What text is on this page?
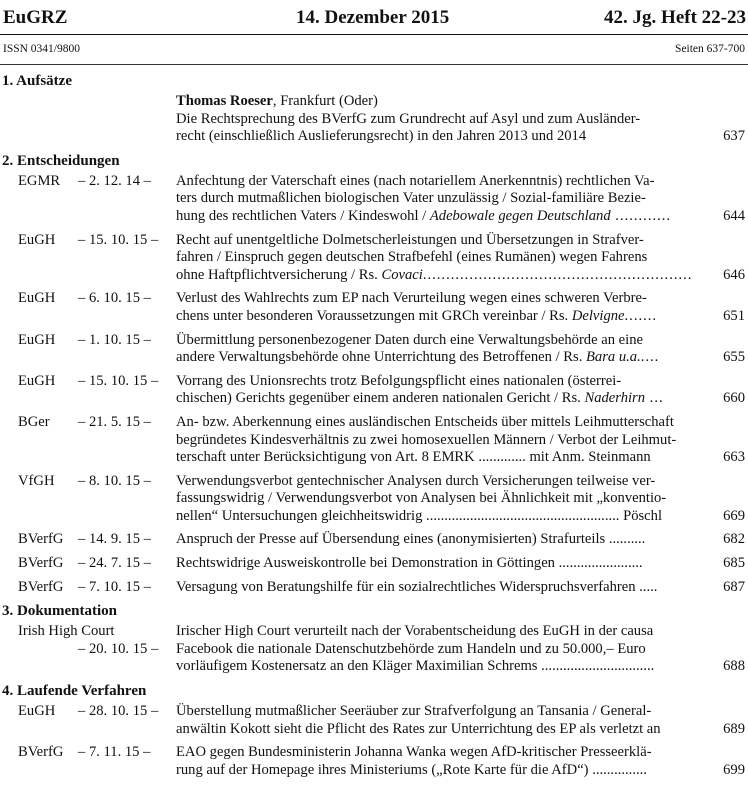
EuGRZ	14. Dezember 2015	42. Jg. Heft 22-23
ISSN 0341/9800	Seiten 637-700
1. Aufsätze
Thomas Roeser, Frankfurt (Oder)
Die Rechtsprechung des BVerfG zum Grundrecht auf Asyl und zum Ausländer-
recht (einschließlich Auslieferungsrecht) in den Jahren 2013 und 2014	637
2. Entscheidungen
EGMR – 2. 12. 14 –	Anfechtung der Vaterschaft eines (nach notariellem Anerkenntnis) rechtlichen Va-
ters durch mutmaßlichen biologischen Vater unzulässig / Sozial-familiäre Bezie-
hung des rechtlichen Vaters / Kindeswohl / Adebowale gegen Deutschland ............	644
EuGH – 15. 10. 15 –	Recht auf unentgeltliche Dolmetscherleistungen und Übersetzungen in Strafver-
fahren / Einspruch gegen deutschen Strafbefehl (eines Rumänen) wegen Fahrens
ohne Haftpflichtversicherung / Rs. Covaci.......................................................... 646
EuGH – 6. 10. 15 –	Verlust des Wahlrechts zum EP nach Verurteilung wegen eines schweren Verbre-
chens unter besonderen Voraussetzungen mit GRCh vereinbar / Rs. Delvigne.......	651
EuGH – 1. 10. 15 –	Übermittlung personenbezogener Daten durch eine Verwaltungsbehörde an eine
andere Verwaltungsbehörde ohne Unterrichtung des Betroffenen / Rs. Bara u.a.....	655
EuGH – 15. 10. 15 –	Vorrang des Unionsrechts trotz Befolgungspflicht eines nationalen (österrei-
chischen) Gerichts gegenüber einem anderen nationalen Gericht / Rs. Naderhirn ...	660
BGer – 21. 5. 15 –	An- bzw. Aberkennung eines ausländischen Entscheids über mittels Leihmutterschaft
begründetes Kindesverhältnis zu zwei homosexuellen Männern / Verbot der Leihmut-
terschaft unter Berücksichtigung von Art. 8 EMRK ............. mit Anm. Steinmann	663
VfGH – 8. 10. 15 –	Verwendungsverbot gentechnischer Analysen durch Versicherungen teilweise ver-
fassungswidrig / Verwendungsverbot von Analysen bei Ähnlichkeit mit „konventio-
nellen“ Untersuchungen gleichheitswidrig ..................................................... Pöschl	669
BVerfG – 14. 9. 15 –	Anspruch der Presse auf Übersendung eines (anonymisierten) Strafurteils ..........	682
BVerfG – 24. 7. 15 –	Rechtswidrige Ausweiskontrolle bei Demonstration in Göttingen .......................	685
BVerfG – 7. 10. 15 –	Versagung von Beratungshilfe für ein sozialrechtliches Widerspruchsverfahren .....	687
3. Dokumentation
Irish High Court
– 20. 10. 15 –
Irischer High Court verurteilt nach der Vorabentscheidung des EuGH in der causa
Facebook die nationale Datenschutzbehörde zum Handeln und zu 50.000,– Euro
vorläufigem Kostenersatz an den Kläger Maximilian Schrems ...............................	688
4. Laufende Verfahren
EuGH – 28. 10. 15 –	Überstellung mutmaßlicher Seeräuber zur Strafverfolgung an Tansania / General-
anwältin Kokott sieht die Pflicht des Rates zur Unterrichtung des EP als verletzt an	689
BVerfG – 7. 11. 15 –	EAO gegen Bundesministerin Johanna Wanka wegen AfD-kritischer Presseerklä-
rung auf der Homepage ihres Ministeriums („Rote Karte für die AfD“) ...............	699
